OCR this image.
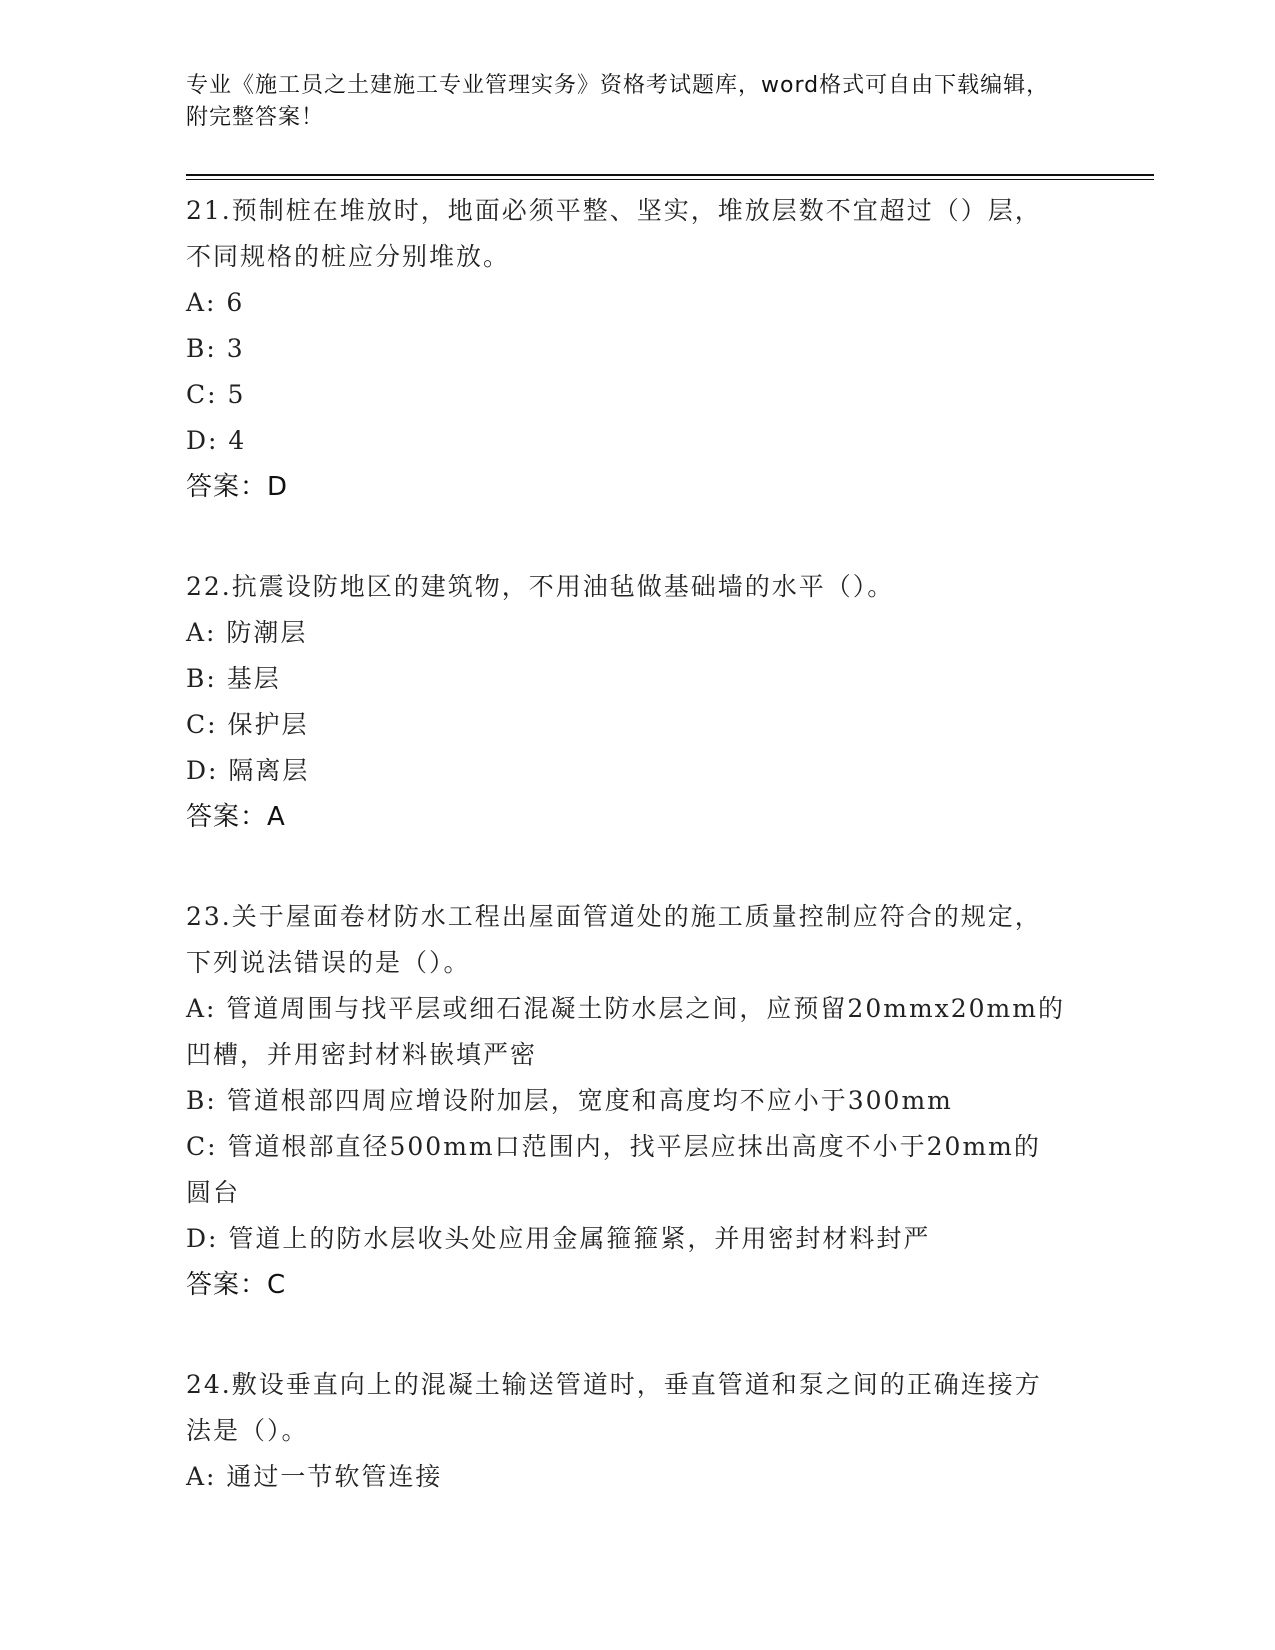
专业《施工员之土建施工专业管理实务》资格考试题库，word格式可自由下载编辑，附完整答案！
21.预制桩在堆放时，地面必须平整、坚实，堆放层数不宜超过（）层，不同规格的桩应分别堆放。
A: 6
B: 3
C: 5
D: 4
答案：D
22.抗震设防地区的建筑物，不用油毡做基础墙的水平（）。
A: 防潮层
B: 基层
C: 保护层
D: 隔离层
答案：A
23.关于屋面卷材防水工程出屋面管道处的施工质量控制应符合的规定，下列说法错误的是（）。
A: 管道周围与找平层或细石混凝土防水层之间，应预留20mmx20mm的凹槽，并用密封材料嵌填严密
B: 管道根部四周应增设附加层，宽度和高度均不应小于300mm
C: 管道根部直径500mm口范围内，找平层应抹出高度不小于20mm的圆台
D: 管道上的防水层收头处应用金属箍箍紧，并用密封材料封严
答案：C
24.敷设垂直向上的混凝土输送管道时，垂直管道和泵之间的正确连接方法是（）。
A: 通过一节软管连接
